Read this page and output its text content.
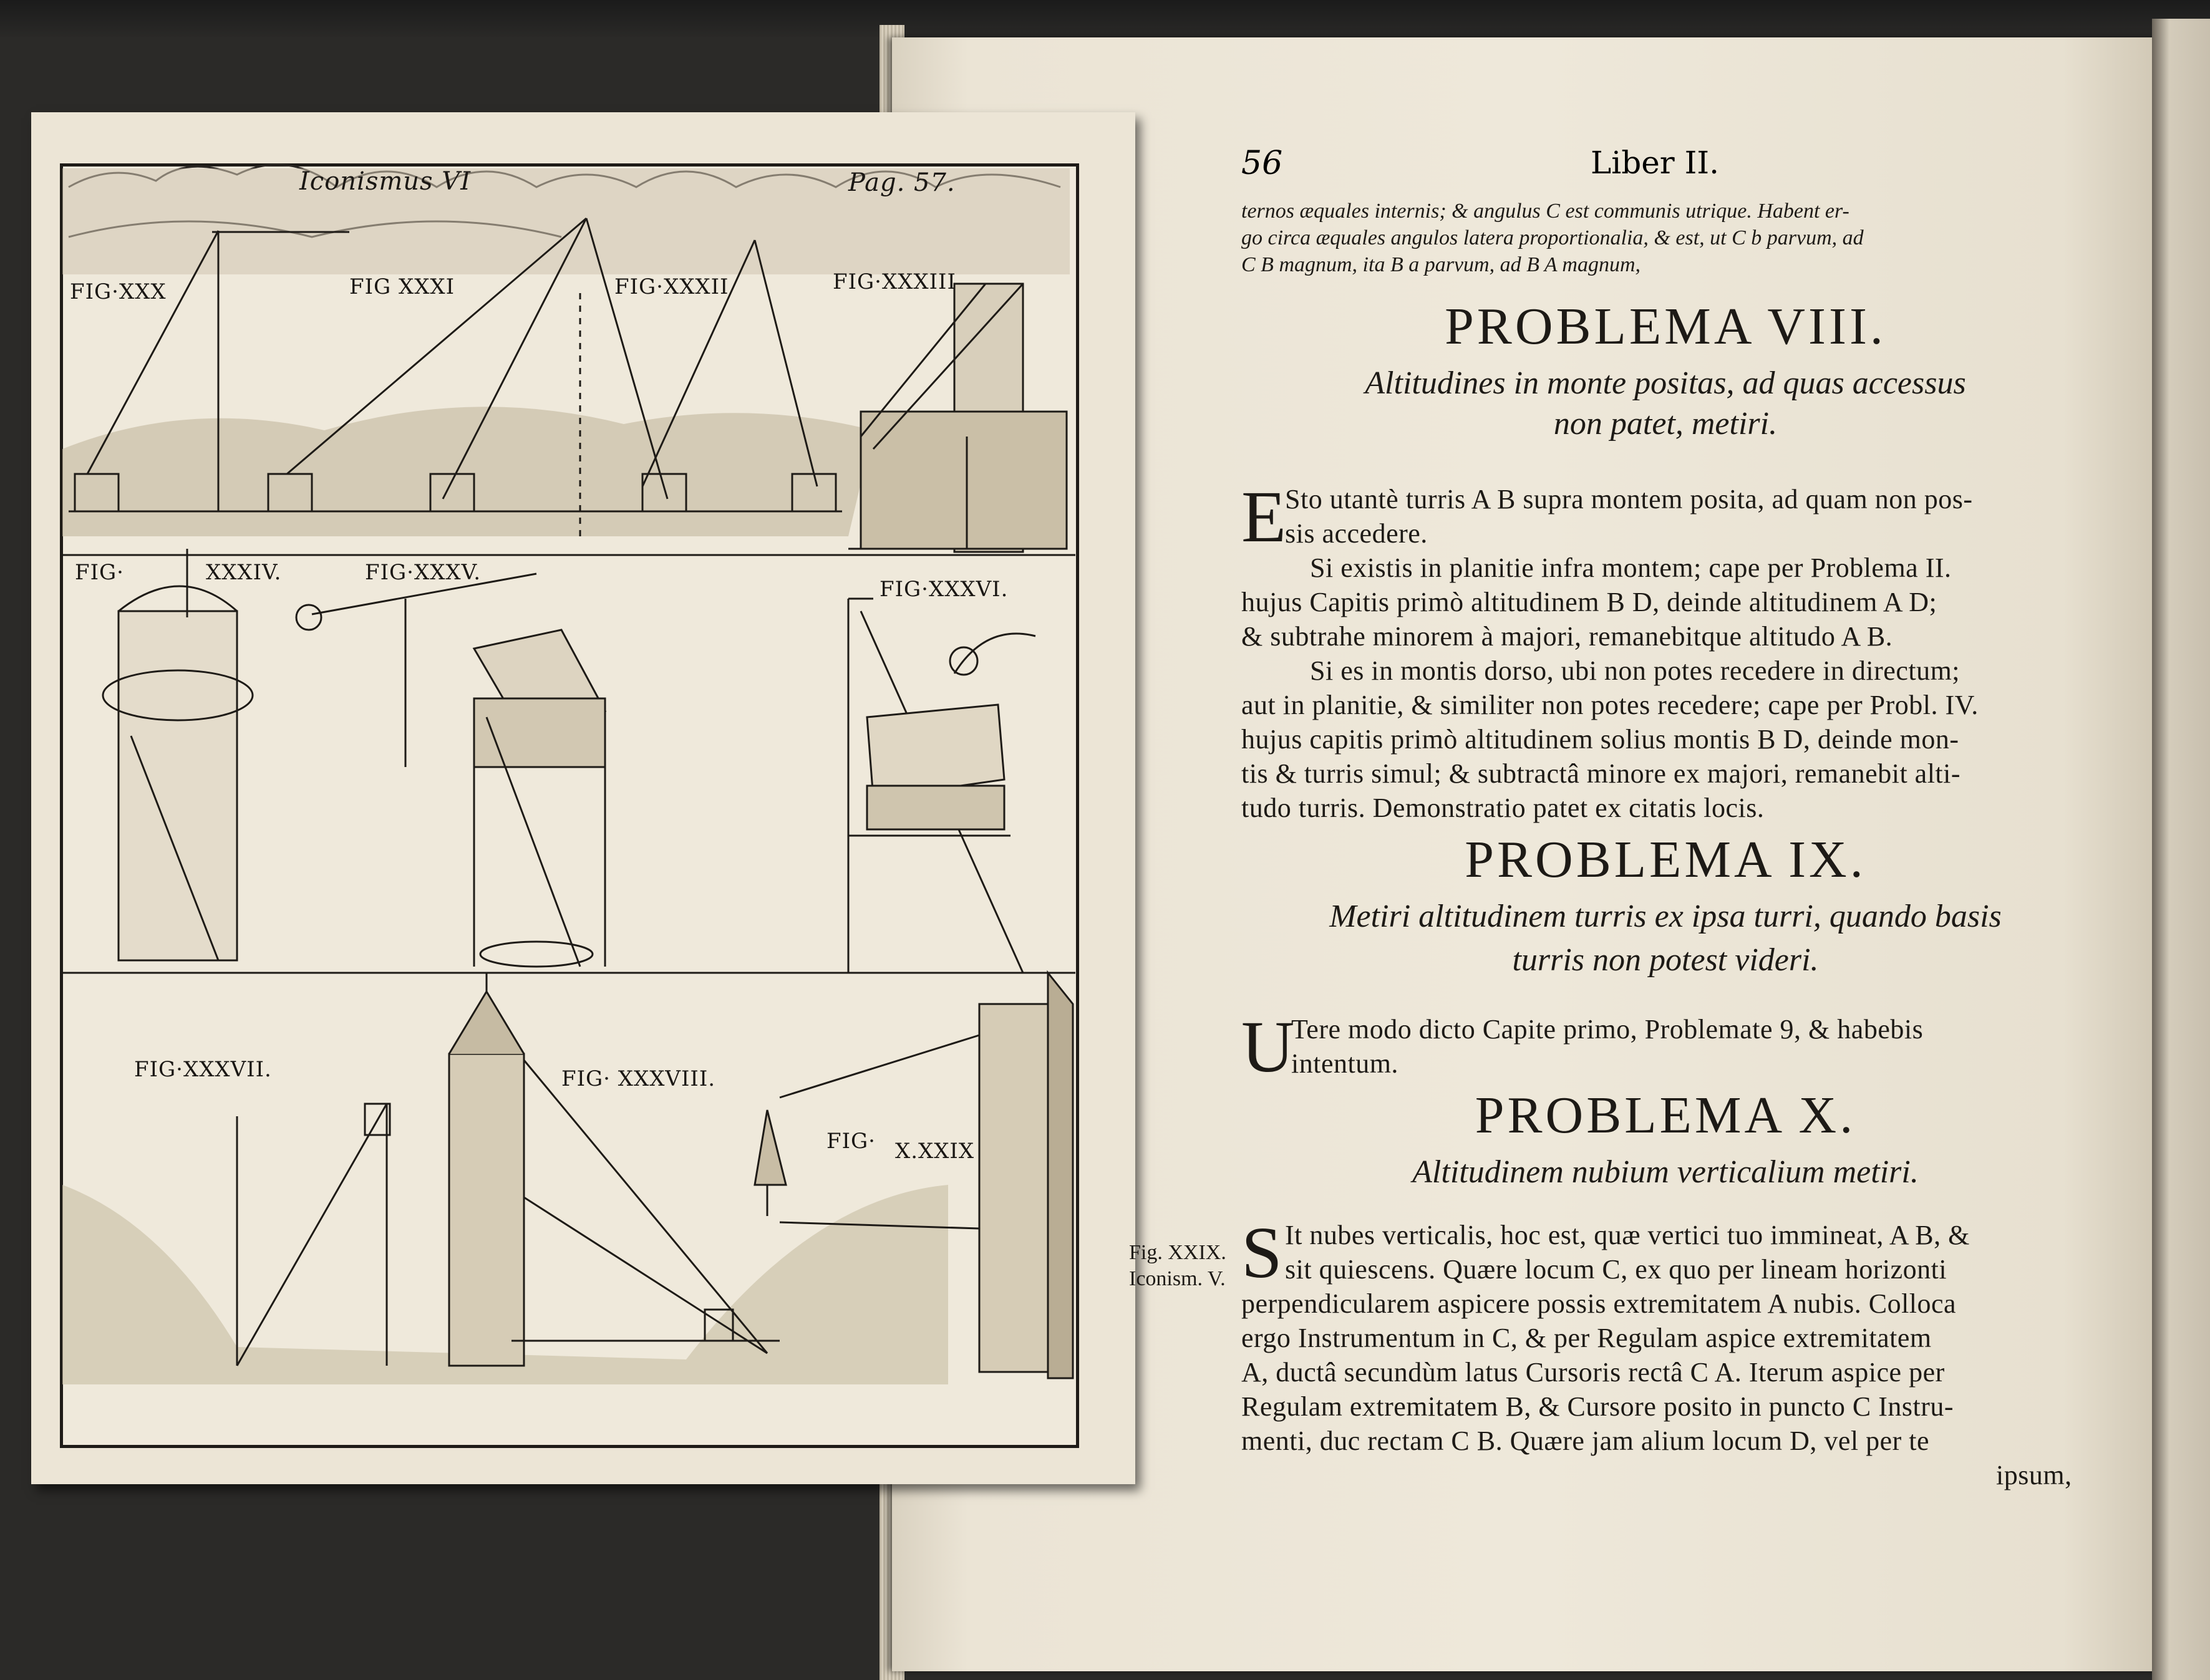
Iconismus VI	Pag. 57.
FIG·XXX	FIG XXXI	FIG·XXXII	FIG·XXXIII
FIG·	XXXIV.	FIG·XXXV.
FIG·XXXVI.
FIG·XXXVII.	FIG· XXXVIII.
FIG· X.XXIX
56	Liber II.
ternos æquales internis; & angulus C est communis utrique. Habent er-
go circa æquales angulos latera proportionalia, & est, ut C b parvum, ad
C B magnum, ita B a parvum, ad B A magnum,
PROBLEMA VIII.
Altitudines in monte positas, ad quas accessus
non patet, metiri.
E
Sto utantè turris A B supra montem posita, ad quam non pos-
sis accedere.
Si existis in planitie infra montem; cape per Problema II.
hujus Capitis primò altitudinem B D, deinde altitudinem A D;
& subtrahe minorem à majori, remanebitque altitudo A B.
Si es in montis dorso, ubi non potes recedere in directum;
aut in planitie, & similiter non potes recedere; cape per Probl. IV.
hujus capitis primò altitudinem solius montis B D, deinde mon-
tis & turris simul; & subtractâ minore ex majori, remanebit alti-
tudo turris. Demonstratio patet ex citatis locis.
PROBLEMA IX.
Metiri altitudinem turris ex ipsa turri, quando basis
turris non potest videri.
U
Tere modo dicto Capite primo, Problemate 9, & habebis
intentum.
PROBLEMA X.
Altitudinem nubium verticalium metiri.
S It nubes verticalis, hoc est, quæ vertici tuo immineat, A B, &
sit quiescens. Quære locum C, ex quo per lineam horizonti
perpendicularem aspicere possis extremitatem A nubis. Colloca
ergo Instrumentum in C, & per Regulam aspice extremitatem
A, ductâ secundùm latus Cursoris rectâ C A. Iterum aspice per
Regulam extremitatem B, & Cursore posito in puncto C Instru-
menti, duc rectam C B. Quære jam alium locum D, vel per te
ipsum,
Fig. XXIX.
Iconism. V.
